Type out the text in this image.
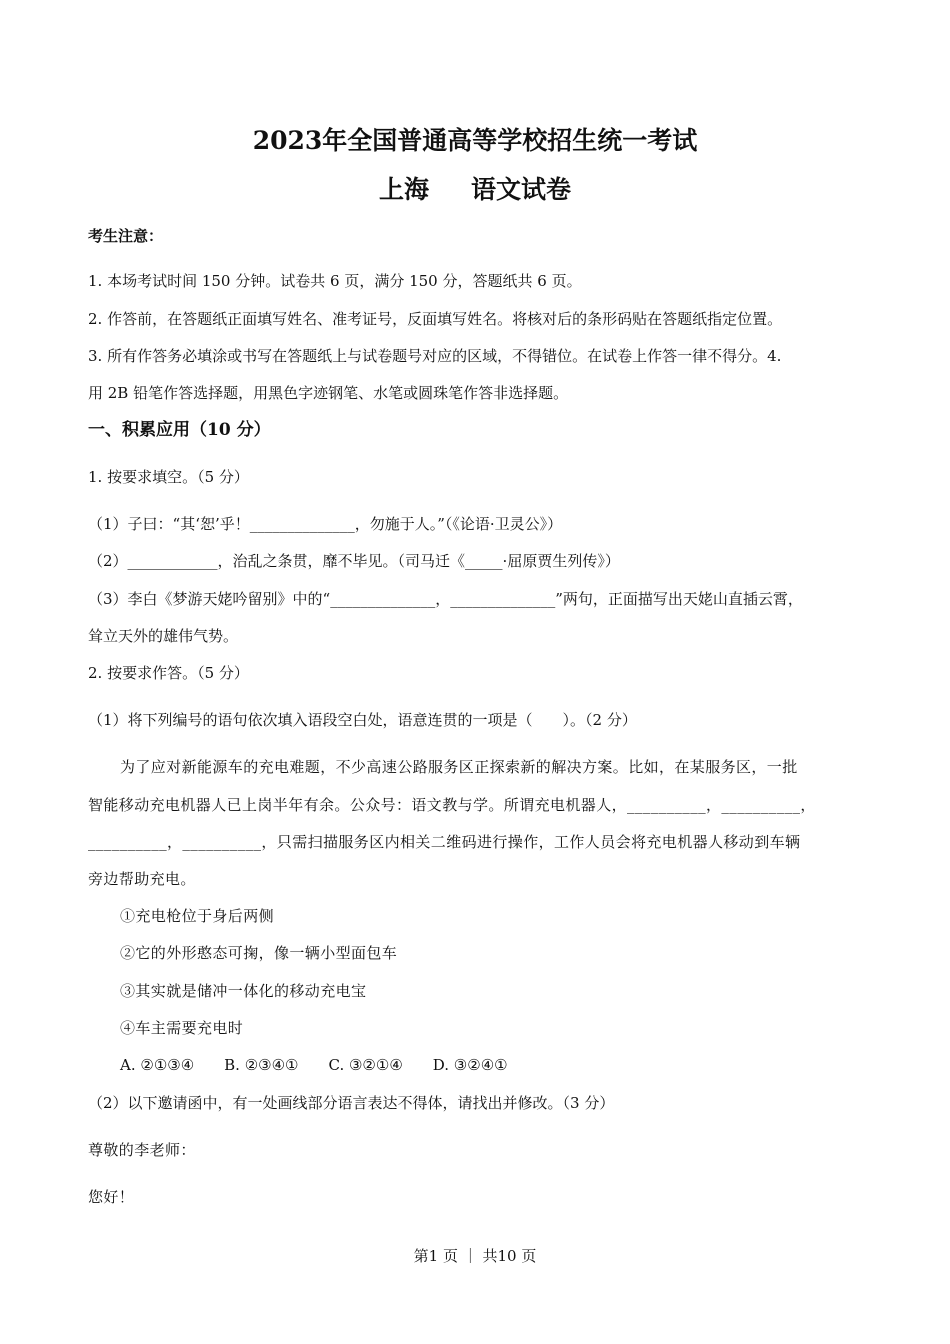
2023年全国普通高等学校招生统一考试
上海 语文试卷
考生注意：
1. 本场考试时间 150 分钟。试卷共 6 页，满分 150 分，答题纸共 6 页。
2. 作答前，在答题纸正面填写姓名、准考证号，反面填写姓名。将核对后的条形码贴在答题纸指定位置。
3. 所有作答务必填涂或书写在答题纸上与试卷题号对应的区域，不得错位。在试卷上作答一律不得分。4.
用 2B 铅笔作答选择题，用黑色字迹钢笔、水笔或圆珠笔作答非选择题。
一、积累应用（10 分）
1. 按要求填空。（5 分）
（1）子曰：“其‘恕’乎！______________，勿施于人。”（《论语·卫灵公》）
（2）____________，治乱之条贯，靡不毕见。（司马迁《_____·屈原贾生列传》）
（3）李白《梦游天姥吟留别》中的“______________，______________”两句，正面描写出天姥山直插云霄，
耸立天外的雄伟气势。
2. 按要求作答。（5 分）
（1）将下列编号的语句依次填入语段空白处，语意连贯的一项是（　　）。（2 分）
为了应对新能源车的充电难题，不少高速公路服务区正探索新的解决方案。比如，在某服务区，一批
智能移动充电机器人已上岗半年有余。公众号：语文教与学。所谓充电机器人，__________，__________，
__________，__________，只需扫描服务区内相关二维码进行操作，工作人员会将充电机器人移动到车辆
旁边帮助充电。
①充电枪位于身后两侧
②它的外形憨态可掬，像一辆小型面包车
③其实就是储冲一体化的移动充电宝
④车主需要充电时
A. ②①③④　　B. ②③④①　　C. ③②①④　　D. ③②④①
（2）以下邀请函中，有一处画线部分语言表达不得体，请找出并修改。（3 分）
尊敬的李老师：
您好！
第1 页 ｜ 共10 页
